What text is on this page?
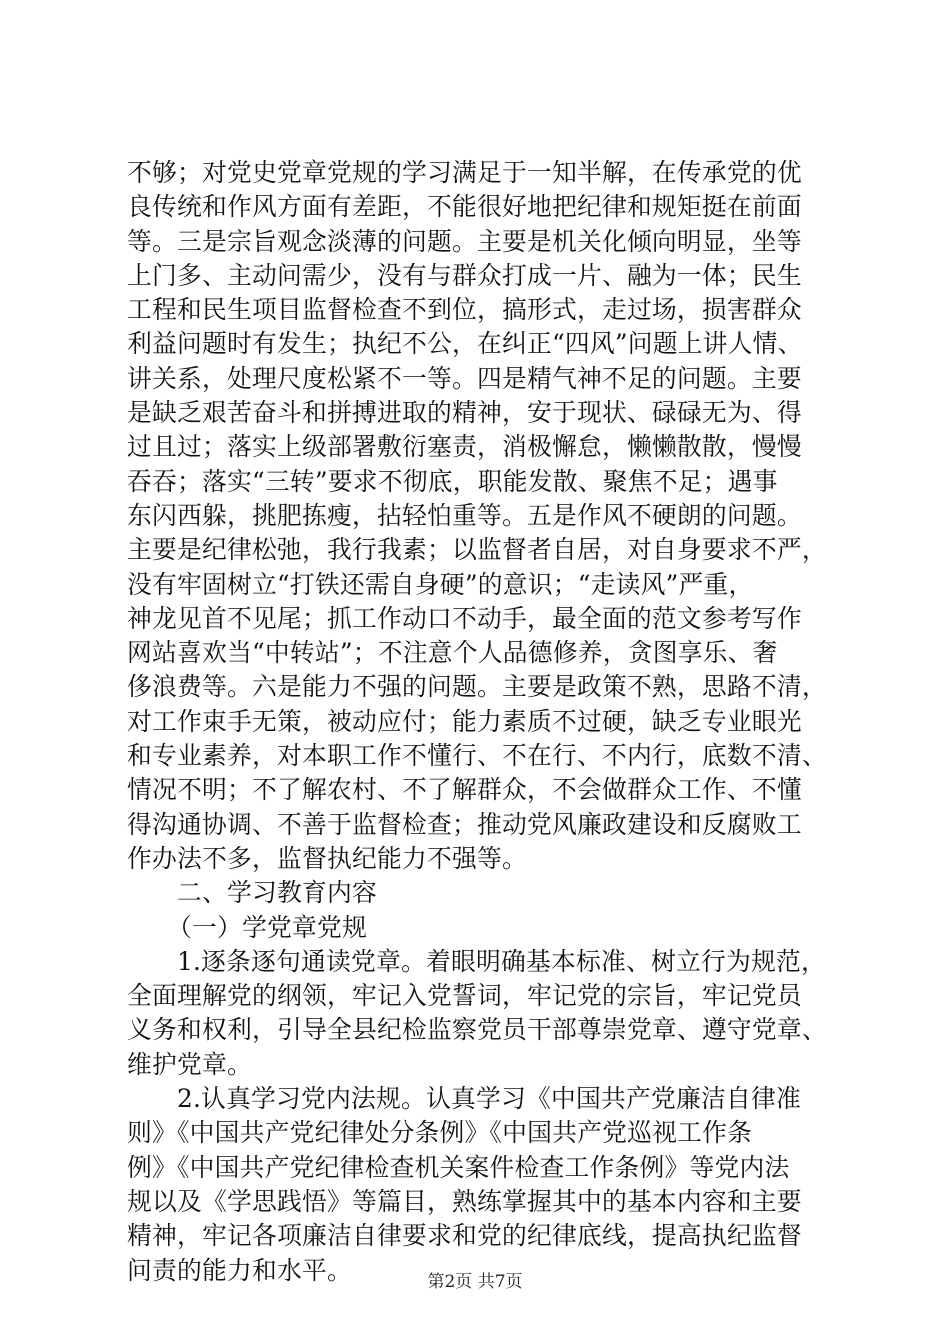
不够；对党史党章党规的学习满足于一知半解，在传承党的优
良传统和作风方面有差距，不能很好地把纪律和规矩挺在前面
等。三是宗旨观念淡薄的问题。主要是机关化倾向明显，坐等
上门多、主动问需少，没有与群众打成一片、融为一体；民生
工程和民生项目监督检查不到位，搞形式，走过场，损害群众
利益问题时有发生；执纪不公，在纠正“四风”问题上讲人情、
讲关系，处理尺度松紧不一等。四是精气神不足的问题。主要
是缺乏艰苦奋斗和拼搏进取的精神，安于现状、碌碌无为、得
过且过；落实上级部署敷衍塞责，消极懈怠，懒懒散散，慢慢
吞吞；落实“三转”要求不彻底，职能发散、聚焦不足；遇事
东闪西躲，挑肥拣瘦，拈轻怕重等。五是作风不硬朗的问题。
主要是纪律松弛，我行我素；以监督者自居，对自身要求不严，
没有牢固树立“打铁还需自身硬”的意识；“走读风”严重，
神龙见首不见尾；抓工作动口不动手，最全面的范文参考写作
网站喜欢当“中转站”；不注意个人品德修养，贪图享乐、奢
侈浪费等。六是能力不强的问题。主要是政策不熟，思路不清，
对工作束手无策，被动应付；能力素质不过硬，缺乏专业眼光
和专业素养，对本职工作不懂行、不在行、不内行，底数不清、
情况不明；不了解农村、不了解群众，不会做群众工作、不懂
得沟通协调、不善于监督检查；推动党风廉政建设和反腐败工
作办法不多，监督执纪能力不强等。
二、学习教育内容
（一）学党章党规
1.逐条逐句通读党章。着眼明确基本标准、树立行为规范，
全面理解党的纲领，牢记入党誓词，牢记党的宗旨，牢记党员
义务和权利，引导全县纪检监察党员干部尊崇党章、遵守党章、
维护党章。
2.认真学习党内法规。认真学习《中国共产党廉洁自律准
则》《中国共产党纪律处分条例》《中国共产党巡视工作条
例》《中国共产党纪律检查机关案件检查工作条例》等党内法
规以及《学思践悟》等篇目，熟练掌握其中的基本内容和主要
精神，牢记各项廉洁自律要求和党的纪律底线，提高执纪监督
问责的能力和水平。	第2页 共7页
